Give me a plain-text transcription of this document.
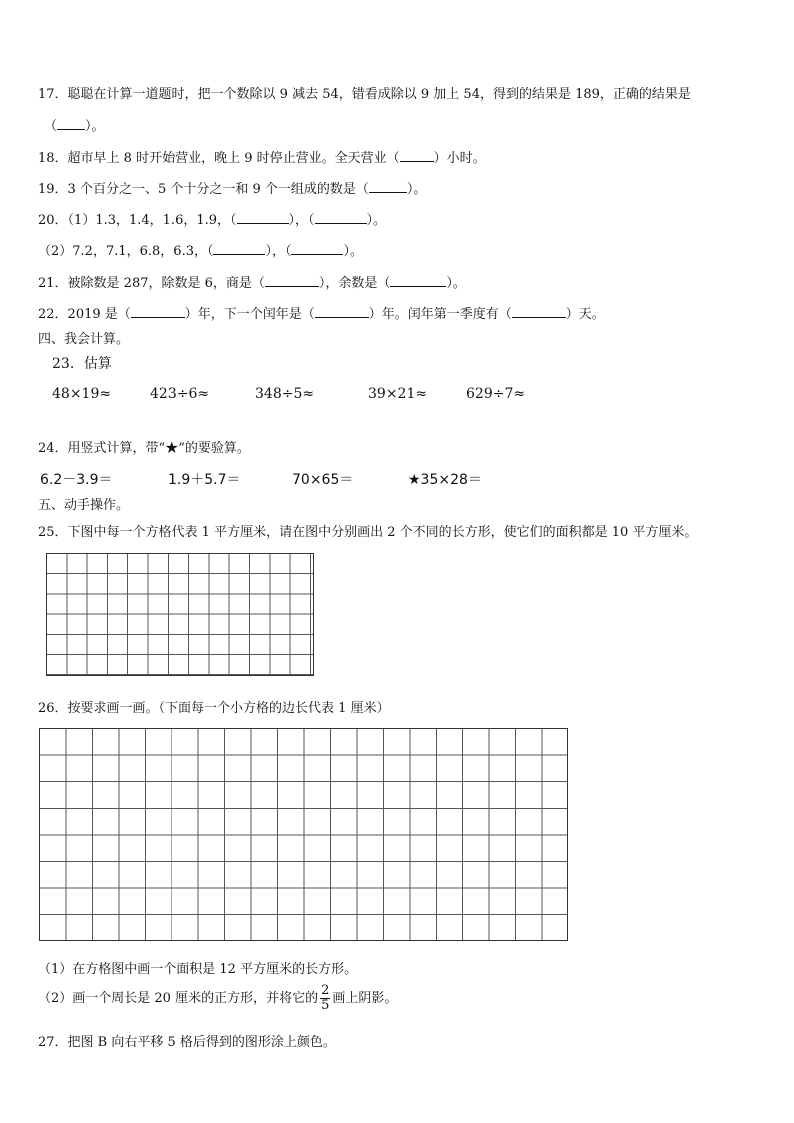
17．聪聪在计算一道题时，把一个数除以 9 减去 54，错看成除以 9 加上 54，得到的结果是 189，正确的结果是
（ ）。
18．超市早上 8 时开始营业，晚上 9 时停止营业。全天营业（	）小时。
19．3 个百分之一、5 个十分之一和 9 个一组成的数是（	）。
20．（1）1.3，1.4，1.6，1.9，（	），（	）。
（2）7.2，7.1，6.8，6.3，（	），（	）。
21．被除数是 287，除数是 6，商是（	），余数是（	）。
22．2019 是（	）年，下一个闰年是（	）年。闰年第一季度有（	）天。
四、我会计算。
23．估算
48×19≈	423÷6≈	348÷5≈	39×21≈	629÷7≈
24．用竖式计算，带“★”的要验算。
6.2－3.9＝	1.9＋5.7＝	70×65＝	★35×28＝
五、动手操作。
25．下图中每一个方格代表 1 平方厘米，请在图中分别画出 2 个不同的长方形，使它们的面积都是 10 平方厘米。
26．按要求画一画。（下面每一个小方格的边长代表 1 厘米）
（1）在方格图中画一个面积是 12 平方厘米的长方形。
（2）画一个周长是 20 厘米的正方形，并将它的 $\frac{2}{5}$ 画上阴影。
27．把图 B 向右平移 5 格后得到的图形涂上颜色。
